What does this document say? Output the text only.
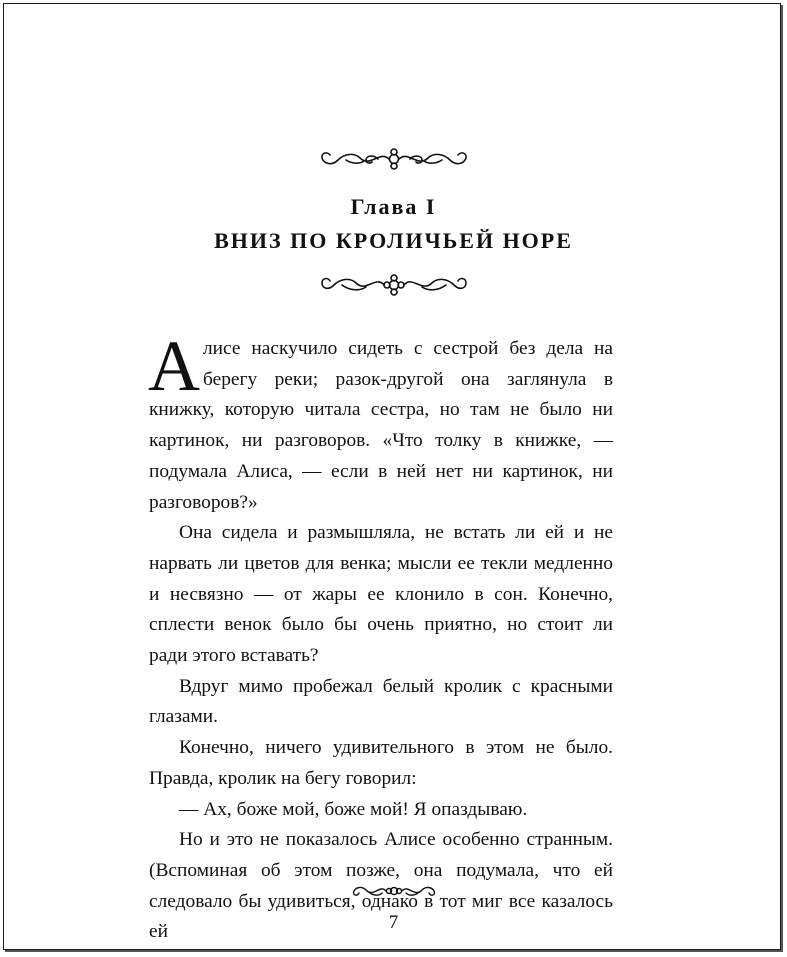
Глава I
ВНИЗ ПО КРОЛИЧЬЕЙ НОРЕ

Алисе наскучило сидеть с сестрой без дела на берегу реки; разок-другой она заглянула в книжку, которую читала сестра, но там не было ни картинок, ни разговоров. «Что толку в книжке, — подумала Алиса, — если в ней нет ни картинок, ни разговоров?»

Она сидела и размышляла, не встать ли ей и не нарвать ли цветов для венка; мысли ее текли медленно и несвязно — от жары ее клонило в сон. Конечно, сплести венок было бы очень приятно, но стоит ли ради этого вставать?

Вдруг мимо пробежал белый кролик с красными глазами.

Конечно, ничего удивительного в этом не было. Правда, кролик на бегу говорил:

— Ах, боже мой, боже мой! Я опаздываю.

Но и это не показалось Алисе особенно странным. (Вспоминая об этом позже, она подумала, что ей следовало бы удивиться, однако в тот миг все казалось ей	7
